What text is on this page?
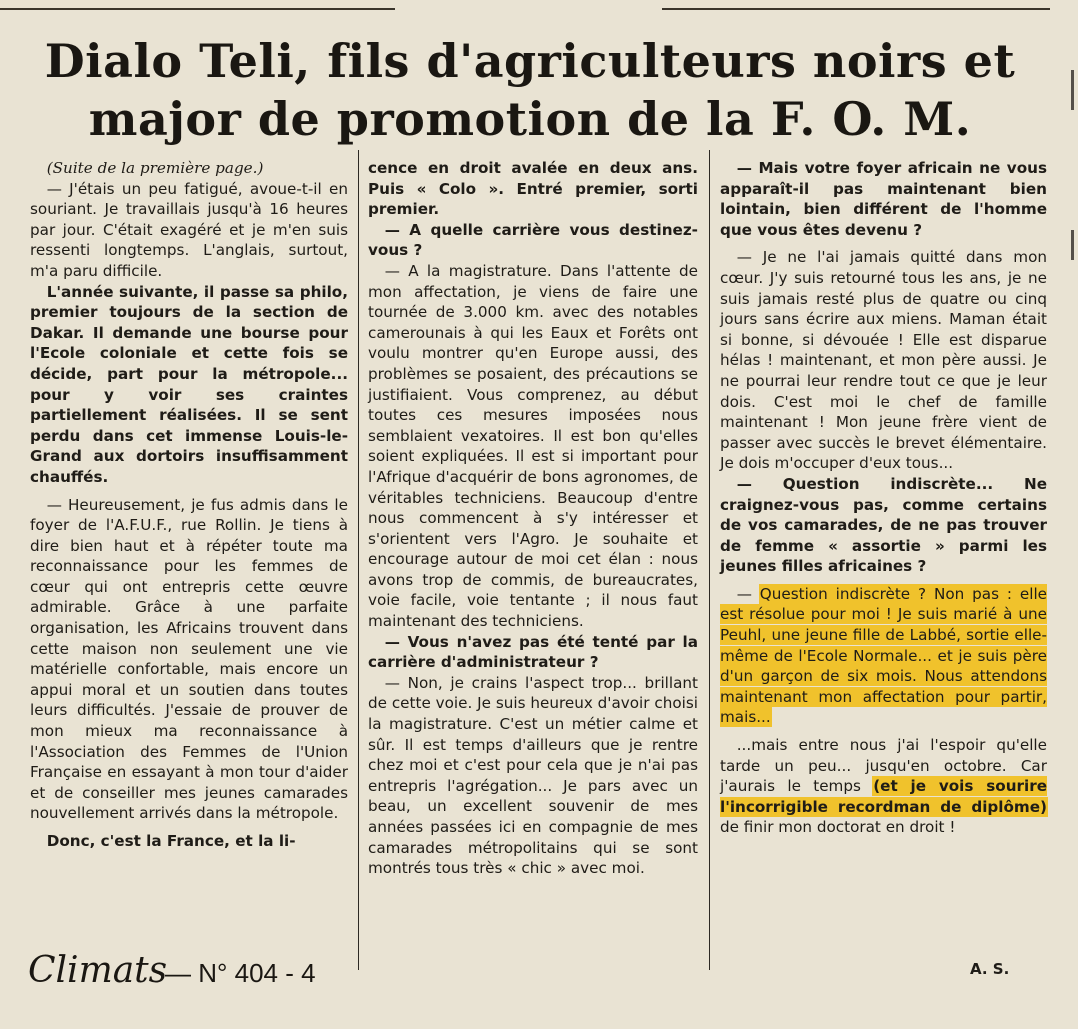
Dialo Teli, fils d'agriculteurs noirs et
major de promotion de la F. O. M.

(Suite de la première page.)

— J'étais un peu fatigué, avoue-t-il en souriant. Je travaillais jusqu'à 16 heures par jour. C'était exagéré et je m'en suis ressenti longtemps. L'anglais, surtout, m'a paru difficile.

L'année suivante, il passe sa philo, premier toujours de la section de Dakar. Il demande une bourse pour l'Ecole coloniale et cette fois se décide, part pour la métropole... pour y voir ses craintes partiellement réalisées. Il se sent perdu dans cet immense Louis-le-Grand aux dortoirs insuffisamment chauffés.

— Heureusement, je fus admis dans le foyer de l'A.F.U.F., rue Rollin. Je tiens à dire bien haut et à répéter toute ma reconnaissance pour les femmes de cœur qui ont entrepris cette œuvre admirable. Grâce à une parfaite organisation, les Africains trouvent dans cette maison non seulement une vie matérielle confortable, mais encore un appui moral et un soutien dans toutes leurs difficultés. J'essaie de prouver de mon mieux ma reconnaissance à l'Association des Femmes de l'Union Française en essayant à mon tour d'aider et de conseiller mes jeunes camarades nouvellement arrivés dans la métropole.

Donc, c'est la France, et la li-

cence en droit avalée en deux ans. Puis « Colo ». Entré premier, sorti premier.

— A quelle carrière vous destinez-vous ?

— A la magistrature. Dans l'attente de mon affectation, je viens de faire une tournée de 3.000 km. avec des notables camerounais à qui les Eaux et Forêts ont voulu montrer qu'en Europe aussi, des problèmes se posaient, des précautions se justifiaient. Vous comprenez, au début toutes ces mesures imposées nous semblaient vexatoires. Il est bon qu'elles soient expliquées. Il est si important pour l'Afrique d'acquérir de bons agronomes, de véritables techniciens. Beaucoup d'entre nous commencent à s'y intéresser et s'orientent vers l'Agro. Je souhaite et encourage autour de moi cet élan : nous avons trop de commis, de bureaucrates, voie facile, voie tentante ; il nous faut maintenant des techniciens.

— Vous n'avez pas été tenté par la carrière d'administrateur ?

— Non, je crains l'aspect trop... brillant de cette voie. Je suis heureux d'avoir choisi la magistrature. C'est un métier calme et sûr. Il est temps d'ailleurs que je rentre chez moi et c'est pour cela que je n'ai pas entrepris l'agrégation... Je pars avec un beau, un excellent souvenir de mes années passées ici en compagnie de mes camarades métropolitains qui se sont montrés tous très « chic » avec moi.

— Mais votre foyer africain ne vous apparaît-il pas maintenant bien lointain, bien différent de l'homme que vous êtes devenu ?

— Je ne l'ai jamais quitté dans mon cœur. J'y suis retourné tous les ans, je ne suis jamais resté plus de quatre ou cinq jours sans écrire aux miens. Maman était si bonne, si dévouée ! Elle est disparue hélas ! maintenant, et mon père aussi. Je ne pourrai leur rendre tout ce que je leur dois. C'est moi le chef de famille maintenant ! Mon jeune frère vient de passer avec succès le brevet élémentaire. Je dois m'occuper d'eux tous...

— Question indiscrète... Ne craignez-vous pas, comme certains de vos camarades, de ne pas trouver de femme « assortie » parmi les jeunes filles africaines ?

— Question indiscrète ? Non pas : elle est résolue pour moi ! Je suis marié à une Peuhl, une jeune fille de Labbé, sortie elle-même de l'Ecole Normale... et je suis père d'un garçon de six mois. Nous attendons maintenant mon affectation pour partir, mais...

...mais entre nous j'ai l'espoir qu'elle tarde un peu... jusqu'en octobre. Car j'aurais le temps (et je vois sourire l'incorrigible recordman de diplôme) de finir mon doctorat en droit !

A. S.
Climats
— N° 404 - 4
